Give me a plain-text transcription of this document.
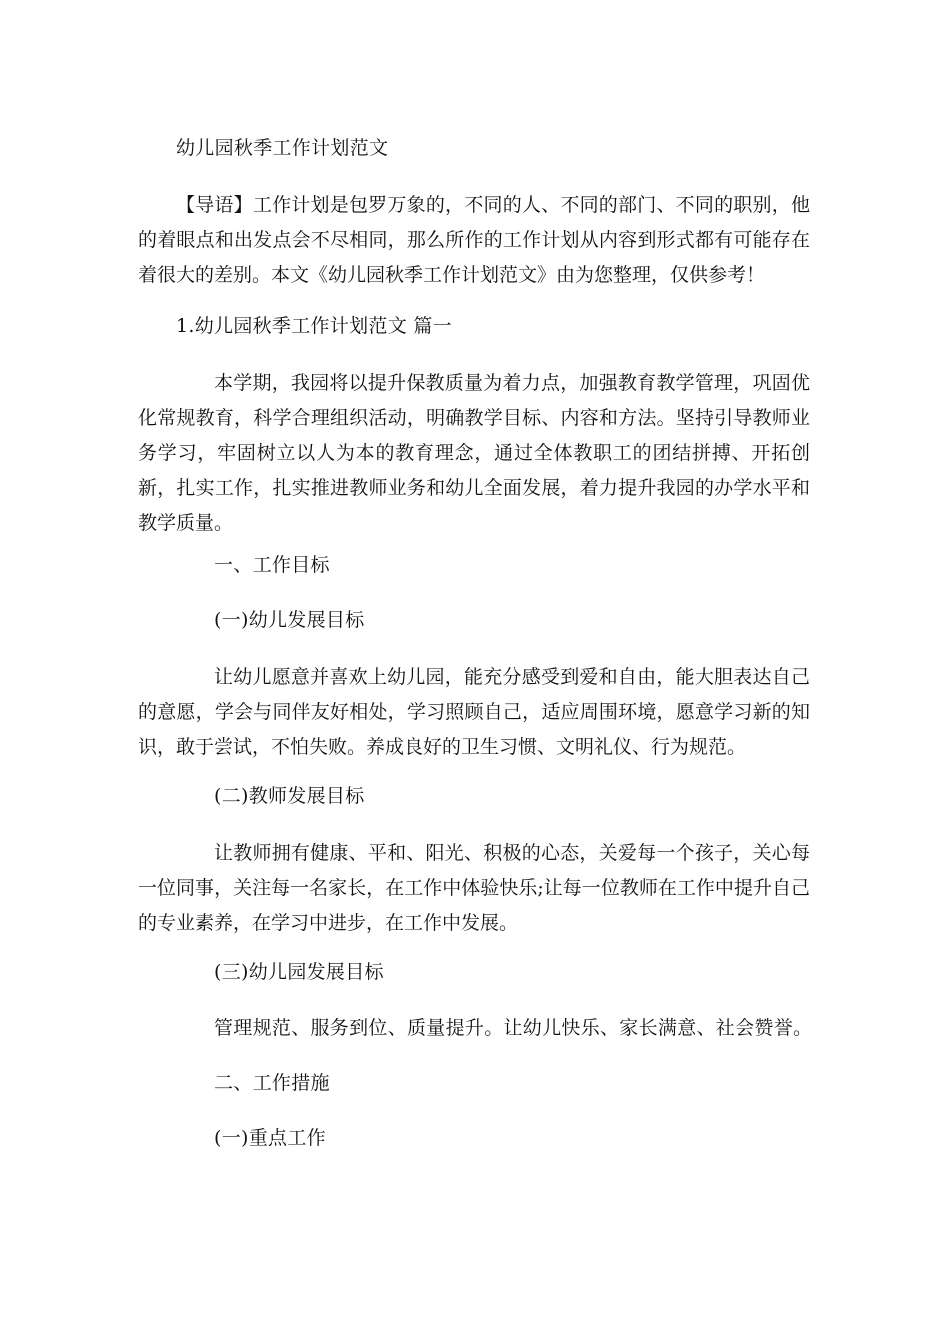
幼儿园秋季工作计划范文

【导语】工作计划是包罗万象的，不同的人、不同的部门、不同的职别，他的着眼点和出发点会不尽相同，那么所作的工作计划从内容到形式都有可能存在着很大的差别。本文《幼儿园秋季工作计划范文》由为您整理，仅供参考！

1.幼儿园秋季工作计划范文 篇一

本学期，我园将以提升保教质量为着力点，加强教育教学管理，巩固优化常规教育，科学合理组织活动，明确教学目标、内容和方法。坚持引导教师业务学习，牢固树立以人为本的教育理念，通过全体教职工的团结拼搏、开拓创新，扎实工作，扎实推进教师业务和幼儿全面发展，着力提升我园的办学水平和教学质量。

一、工作目标
(一)幼儿发展目标

让幼儿愿意并喜欢上幼儿园，能充分感受到爱和自由，能大胆表达自己的意愿，学会与同伴友好相处，学习照顾自己，适应周围环境，愿意学习新的知识，敢于尝试，不怕失败。养成良好的卫生习惯、文明礼仪、行为规范。

(二)教师发展目标

让教师拥有健康、平和、阳光、积极的心态，关爱每一个孩子，关心每一位同事，关注每一名家长，在工作中体验快乐;让每一位教师在工作中提升自己的专业素养，在学习中进步，在工作中发展。

(三)幼儿园发展目标
管理规范、服务到位、质量提升。让幼儿快乐、家长满意、社会赞誉。
二、工作措施
(一)重点工作
